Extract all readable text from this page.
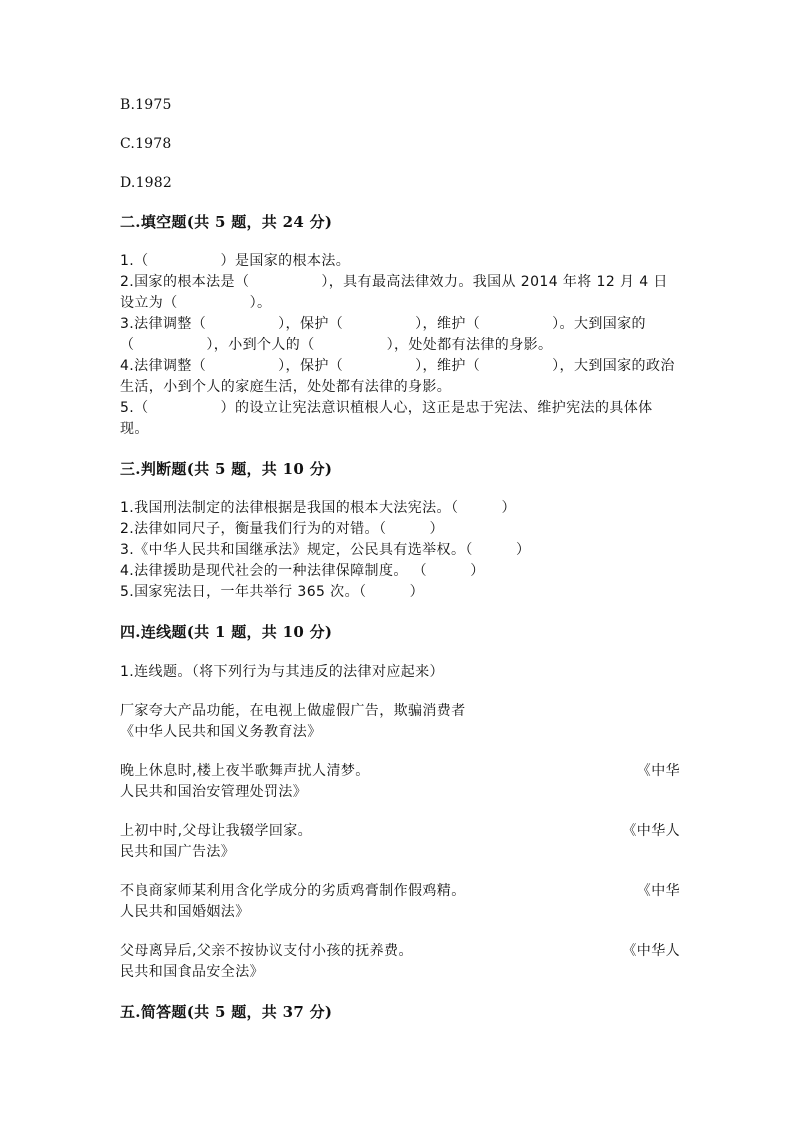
B.1975
C.1978
D.1982
二.填空题(共 5 题，共 24 分)
1.（　　　　　）是国家的根本法。
2.国家的根本法是（　　　　　），具有最高法律效力。我国从 2014 年将 12 月 4 日设立为（　　　　　）。
3.法律调整（　　　　　），保护（　　　　　），维护（　　　　　）。大到国家的（　　　　　），小到个人的（　　　　　），处处都有法律的身影。
4.法律调整（　　　　　），保护（　　　　　），维护（　　　　　），大到国家的政治生活，小到个人的家庭生活，处处都有法律的身影。
5.（　　　　　）的设立让宪法意识植根人心，这正是忠于宪法、维护宪法的具体体现。
三.判断题(共 5 题，共 10 分)
1.我国刑法制定的法律根据是我国的根本大法宪法。（　　　）
2.法律如同尺子，衡量我们行为的对错。（　　　）
3.《中华人民共和国继承法》规定，公民具有选举权。（　　　）
4.法律援助是现代社会的一种法律保障制度。 （　　　）
5.国家宪法日，一年共举行 365 次。（　　　）
四.连线题(共 1 题，共 10 分)
1.连线题。（将下列行为与其违反的法律对应起来）
厂家夸大产品功能，在电视上做虚假广告，欺骗消费者
《中华人民共和国义务教育法》
晚上休息时,楼上夜半歌舞声扰人清梦。	《中华
人民共和国治安管理处罚法》
上初中时,父母让我辍学回家。	《中华人
民共和国广告法》
不良商家师某利用含化学成分的劣质鸡膏制作假鸡精。	《中华
人民共和国婚姻法》
父母离异后,父亲不按协议支付小孩的抚养费。	《中华人
民共和国食品安全法》
五.简答题(共 5 题，共 37 分)
